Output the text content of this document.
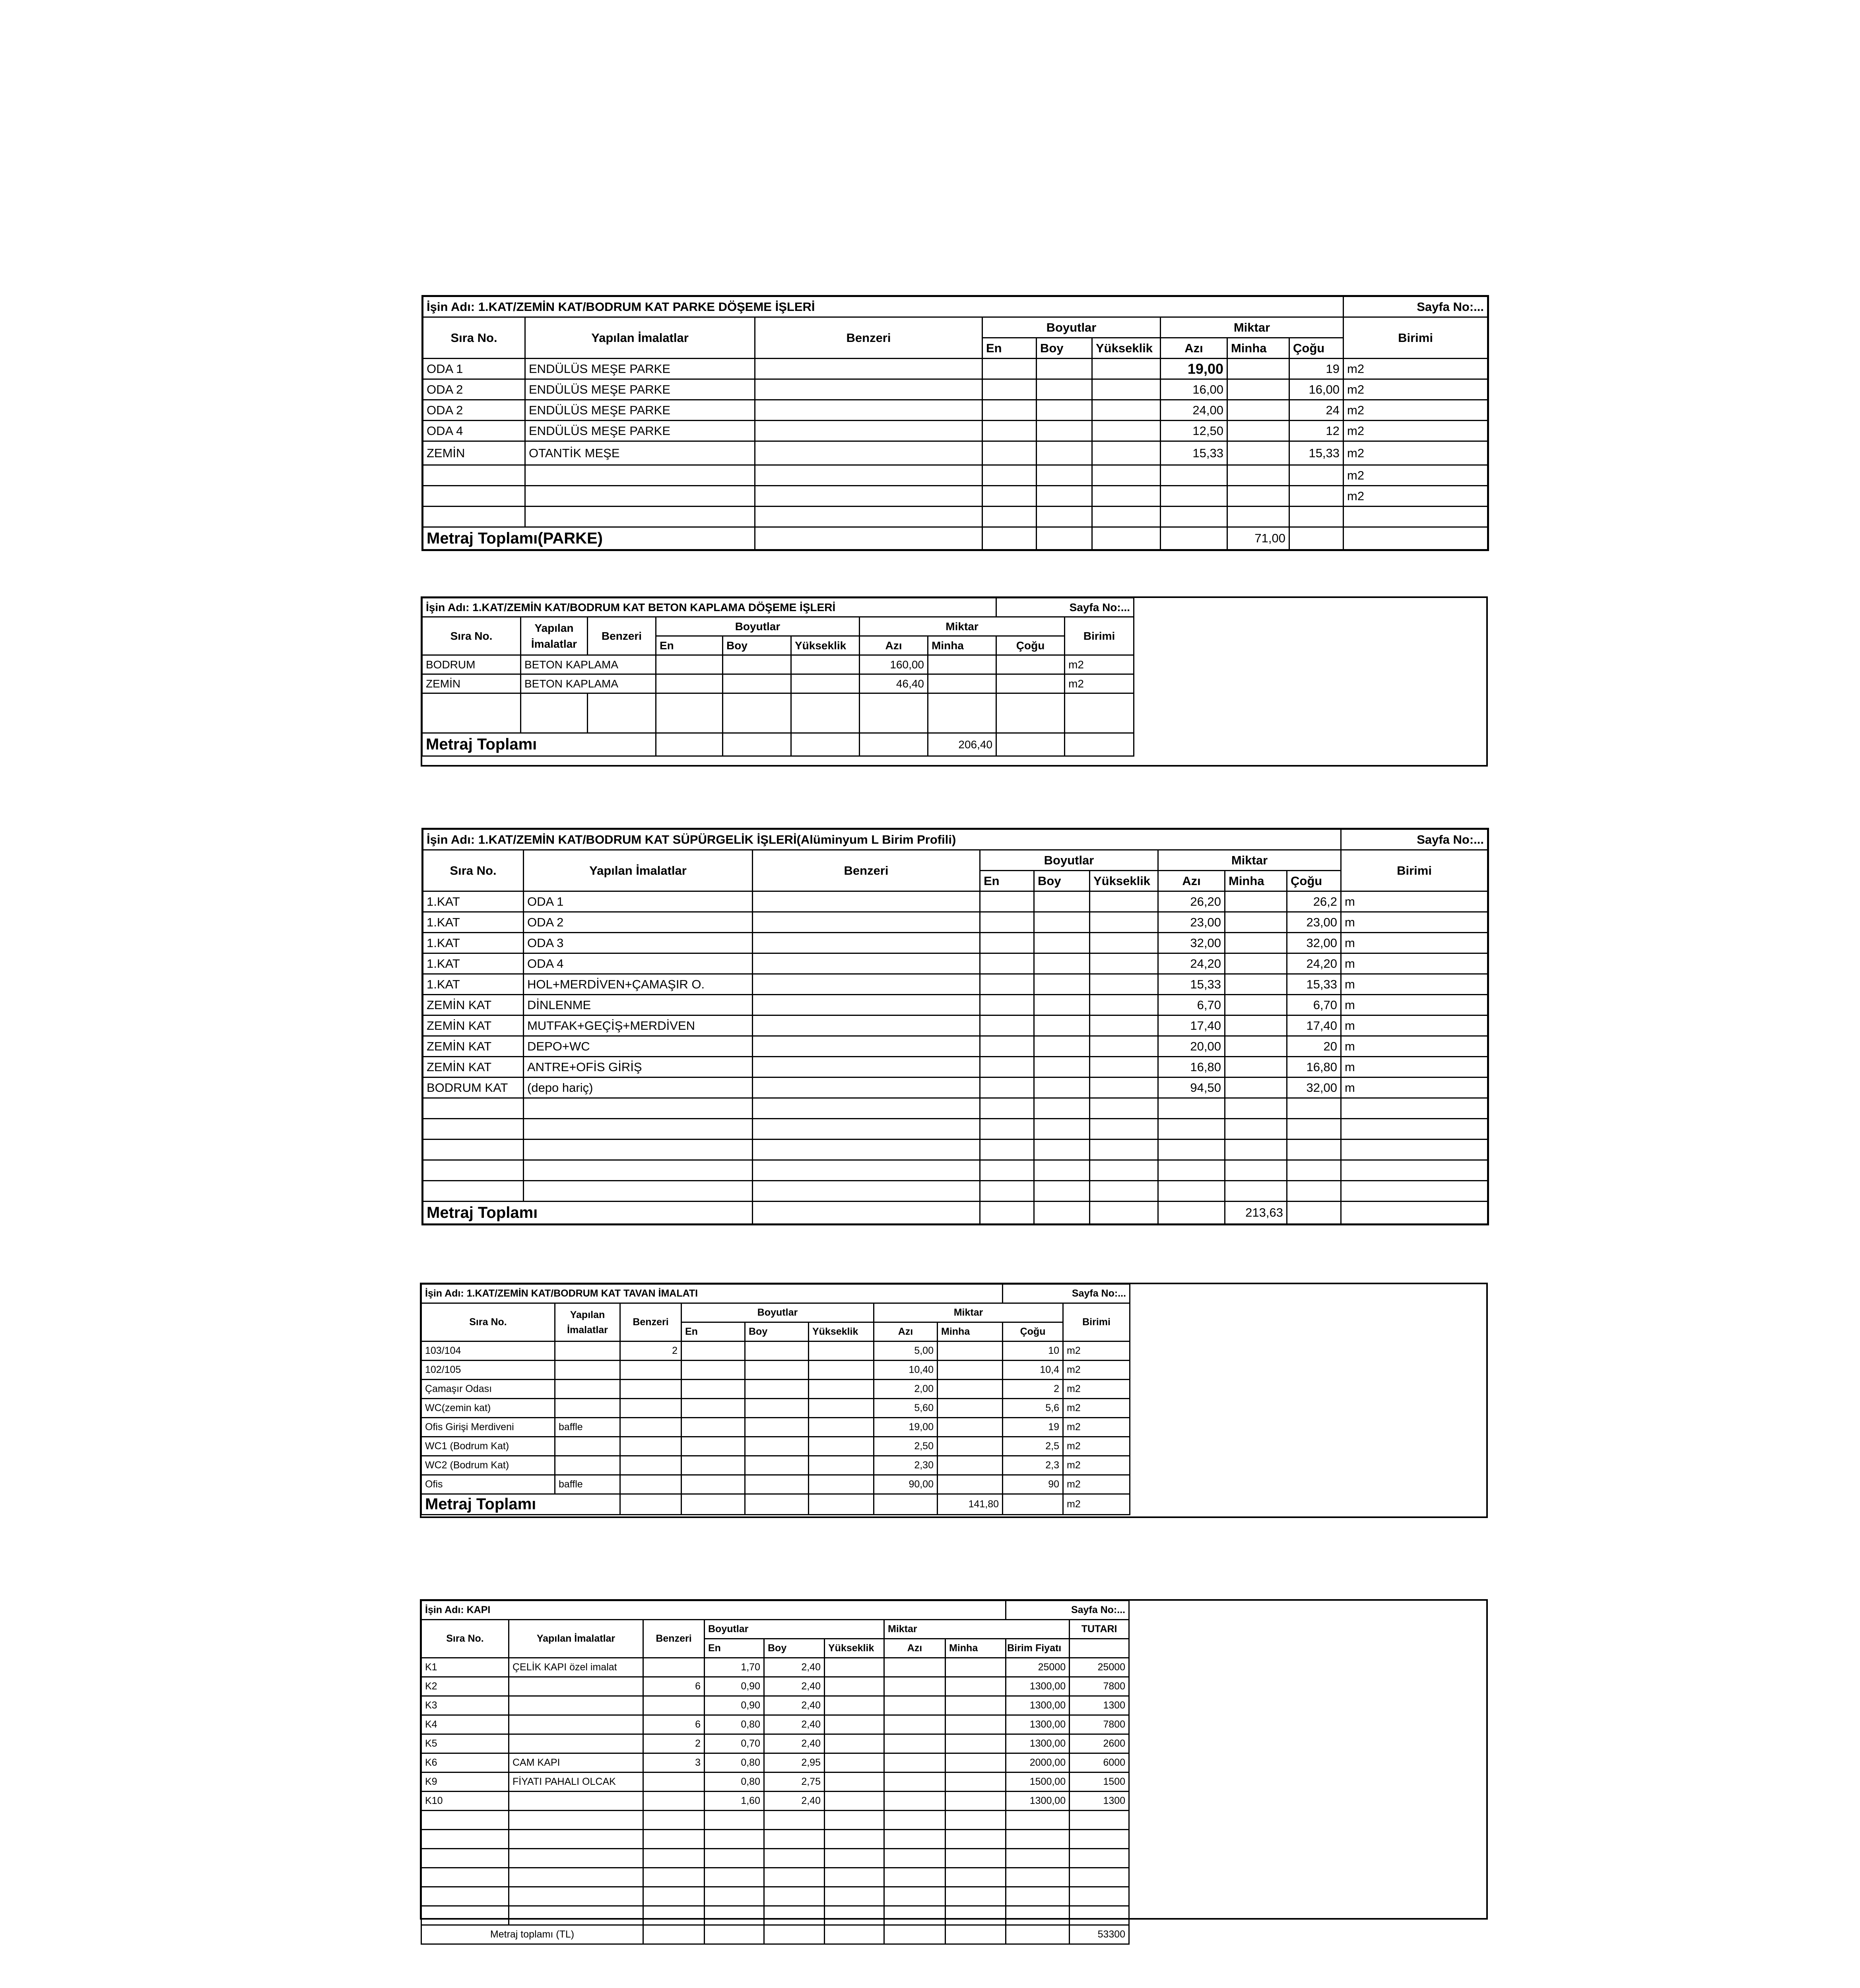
İşin Adı: 1.KAT/ZEMİN KAT/BODRUM KAT PARKE DÖŞEME İŞLERİ									Sayfa No:...
Sıra No.	Yapılan İmalatlar	Benzeri	Boyutlar			Miktar			Birimi
			En	Boy	Yükseklik	Azı	Minha	Çoğu	
ODA 1	ENDÜLÜS MEŞE PARKE					19,00		19	m2
ODA 2	ENDÜLÜS MEŞE PARKE					16,00		16,00	m2
ODA 2	ENDÜLÜS MEŞE PARKE					24,00		24	m2
ODA 4	ENDÜLÜS MEŞE PARKE					12,50		12	m2
ZEMİN	OTANTİK MEŞE					15,33		15,33	m2
									m2
									m2

Metraj Toplamı(PARKE)							71,00		
İşin Adı: 1.KAT/ZEMİN KAT/BODRUM KAT BETON KAPLAMA DÖŞEME İŞLERİ								Sayfa No:...	
Sıra No.	Yapılan
İmalatlar	Benzeri	Boyutlar			Miktar			Birimi
			En	Boy	Yükseklik	Azı	Minha	Çoğu	
BODRUM	BETON KAPLAMA					160,00			m2
ZEMİN	BETON KAPLAMA					46,40			m2

Metraj Toplamı							206,40		
İşin Adı: 1.KAT/ZEMİN KAT/BODRUM KAT SÜPÜRGELİK İŞLERİ(Alüminyum L Birim Profili)									Sayfa No:...
Sıra No.	Yapılan İmalatlar	Benzeri	Boyutlar			Miktar			Birimi
			En	Boy	Yükseklik	Azı	Minha	Çoğu	
1.KAT	ODA 1					26,20		26,2	m
1.KAT	ODA 2					23,00		23,00	m
1.KAT	ODA 3					32,00		32,00	m
1.KAT	ODA 4					24,20		24,20	m
1.KAT	HOL+MERDİVEN+ÇAMAŞIR O.					15,33		15,33	m
ZEMİN KAT	DİNLENME					6,70		6,70	m
ZEMİN KAT	MUTFAK+GEÇİŞ+MERDİVEN					17,40		17,40	m
ZEMİN KAT	DEPO+WC					20,00		20	m
ZEMİN KAT	ANTRE+OFİS GİRİŞ					16,80		16,80	m
BODRUM KAT	(depo hariç)					94,50		32,00	m

Metraj Toplamı							213,63		
İşin Adı: 1.KAT/ZEMİN KAT/BODRUM KAT TAVAN İMALATI								Sayfa No:...	
Sıra No.	Yapılan
İmalatlar	Benzeri	Boyutlar			Miktar			Birimi
			En	Boy	Yükseklik	Azı	Minha	Çoğu	
103/104		2				5,00		10	m2
102/105						10,40		10,4	m2
Çamaşır Odası						2,00		2	m2
WC(zemin kat)						5,60		5,6	m2
Ofis Girişi Merdiveni	baffle					19,00		19	m2
WC1 (Bodrum Kat)						2,50		2,5	m2
WC2 (Bodrum Kat)						2,30		2,3	m2
Ofis	baffle					90,00		90	m2
Metraj Toplamı							141,80		m2
İşin Adı: KAPI								Sayfa No:...	
Sıra No.	Yapılan İmalatlar	Benzeri	Boyutlar			Miktar			TUTARI
			En	Boy	Yükseklik	Azı	Minha	Birim Fiyatı	
K1	ÇELİK KAPI özel imalat		1,70	2,40				25000	25000
K2		6	0,90	2,40				1300,00	7800
K3			0,90	2,40				1300,00	1300
K4		6	0,80	2,40				1300,00	7800
K5		2	0,70	2,40				1300,00	2600
K6	CAM KAPI	3	0,80	2,95				2000,00	6000
K9	FİYATI PAHALI OLCAK		0,80	2,75				1500,00	1500
K10			1,60	2,40				1300,00	1300

Metraj toplamı (TL)									53300
